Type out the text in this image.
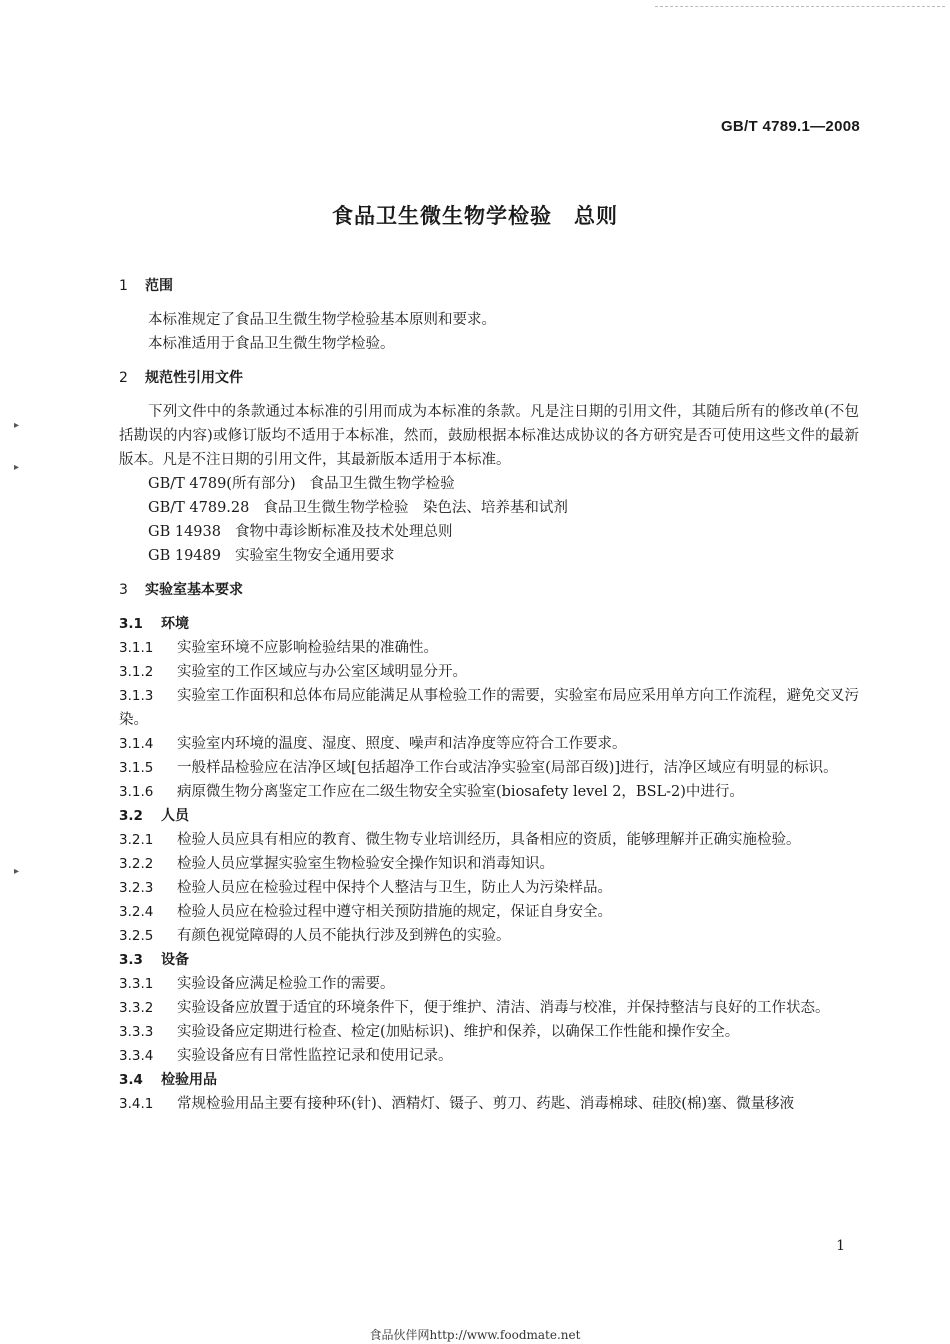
▸
▸
▸
GB/T 4789.1—2008
食品卫生微生物学检验　总则

1 范围

本标准规定了食品卫生微生物学检验基本原则和要求。

本标准适用于食品卫生微生物学检验。

2 规范性引用文件

下列文件中的条款通过本标准的引用而成为本标准的条款。凡是注日期的引用文件，其随后所有的修改单(不包括勘误的内容)或修订版均不适用于本标准，然而，鼓励根据本标准达成协议的各方研究是否可使用这些文件的最新版本。凡是不注日期的引用文件，其最新版本适用于本标准。

GB/T 4789(所有部分) 食品卫生微生物学检验

GB/T 4789.28 食品卫生微生物学检验　染色法、培养基和试剂

GB 14938 食物中毒诊断标准及技术处理总则

GB 19489 实验室生物安全通用要求

3 实验室基本要求

3.1 环境

3.1.1 实验室环境不应影响检验结果的准确性。

3.1.2 实验室的工作区域应与办公室区域明显分开。

3.1.3 实验室工作面积和总体布局应能满足从事检验工作的需要，实验室布局应采用单方向工作流程，避免交叉污染。

3.1.4 实验室内环境的温度、湿度、照度、噪声和洁净度等应符合工作要求。

3.1.5 一般样品检验应在洁净区域[包括超净工作台或洁净实验室(局部百级)]进行，洁净区域应有明显的标识。

3.1.6 病原微生物分离鉴定工作应在二级生物安全实验室(biosafety level 2，BSL-2)中进行。

3.2 人员

3.2.1 检验人员应具有相应的教育、微生物专业培训经历，具备相应的资质，能够理解并正确实施检验。

3.2.2 检验人员应掌握实验室生物检验安全操作知识和消毒知识。

3.2.3 检验人员应在检验过程中保持个人整洁与卫生，防止人为污染样品。

3.2.4 检验人员应在检验过程中遵守相关预防措施的规定，保证自身安全。

3.2.5 有颜色视觉障碍的人员不能执行涉及到辨色的实验。

3.3 设备

3.3.1 实验设备应满足检验工作的需要。

3.3.2 实验设备应放置于适宜的环境条件下，便于维护、清洁、消毒与校准，并保持整洁与良好的工作状态。

3.3.3 实验设备应定期进行检查、检定(加贴标识)、维护和保养，以确保工作性能和操作安全。

3.3.4 实验设备应有日常性监控记录和使用记录。

3.4 检验用品

3.4.1 常规检验用品主要有接种环(针)、酒精灯、镊子、剪刀、药匙、消毒棉球、硅胶(棉)塞、微量移液

1
食品伙伴网http://www.foodmate.net
